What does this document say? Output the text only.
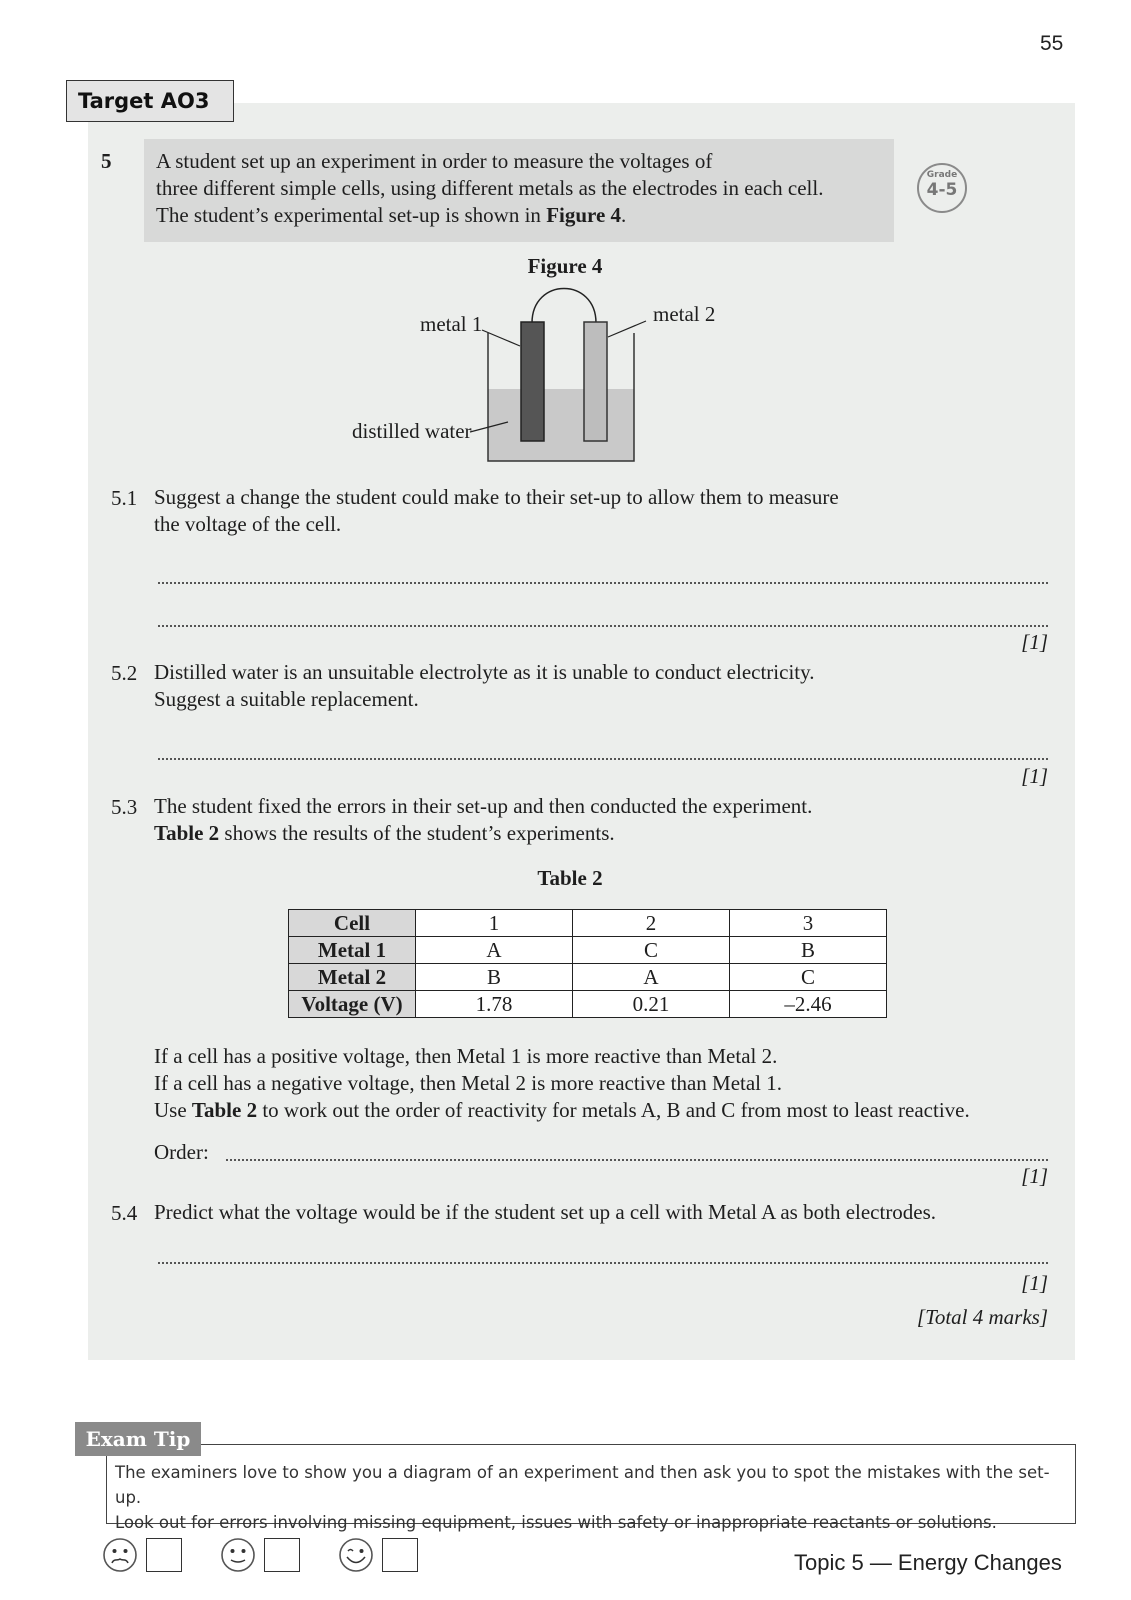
55
Target AO3
5 A student set up an experiment in order to measure the voltages of
three different simple cells, using different metals as the electrodes in each cell.
The student’s experimental set-up is shown in Figure 4.
Grade
4-5
Figure 4
metal 1	metal 2
distilled water
5.1 Suggest a change the student could make to their set-up to allow them to measure
the voltage of the cell.
[1]
5.2 Distilled water is an unsuitable electrolyte as it is unable to conduct electricity.
Suggest a suitable replacement.
[1]
5.3 The student fixed the errors in their set-up and then conducted the experiment.
Table 2 shows the results of the student’s experiments.
Table 2
Cell	1	2	3
Metal 1	A	C	B
Metal 2	B	A	C
Voltage (V)	1.78	0.21	–2.46
If a cell has a positive voltage, then Metal 1 is more reactive than Metal 2.
If a cell has a negative voltage, then Metal 2 is more reactive than Metal 1.
Use Table 2 to work out the order of reactivity for metals A, B and C from most to least reactive.
Order:
[1]
5.4 Predict what the voltage would be if the student set up a cell with Metal A as both electrodes.
[1]
[Total 4 marks]
Exam Tip
The examiners love to show you a diagram of an experiment and then ask you to spot the mistakes with the set-up.
Look out for errors involving missing equipment, issues with safety or inappropriate reactants or solutions.
Topic 5 — Energy Changes
